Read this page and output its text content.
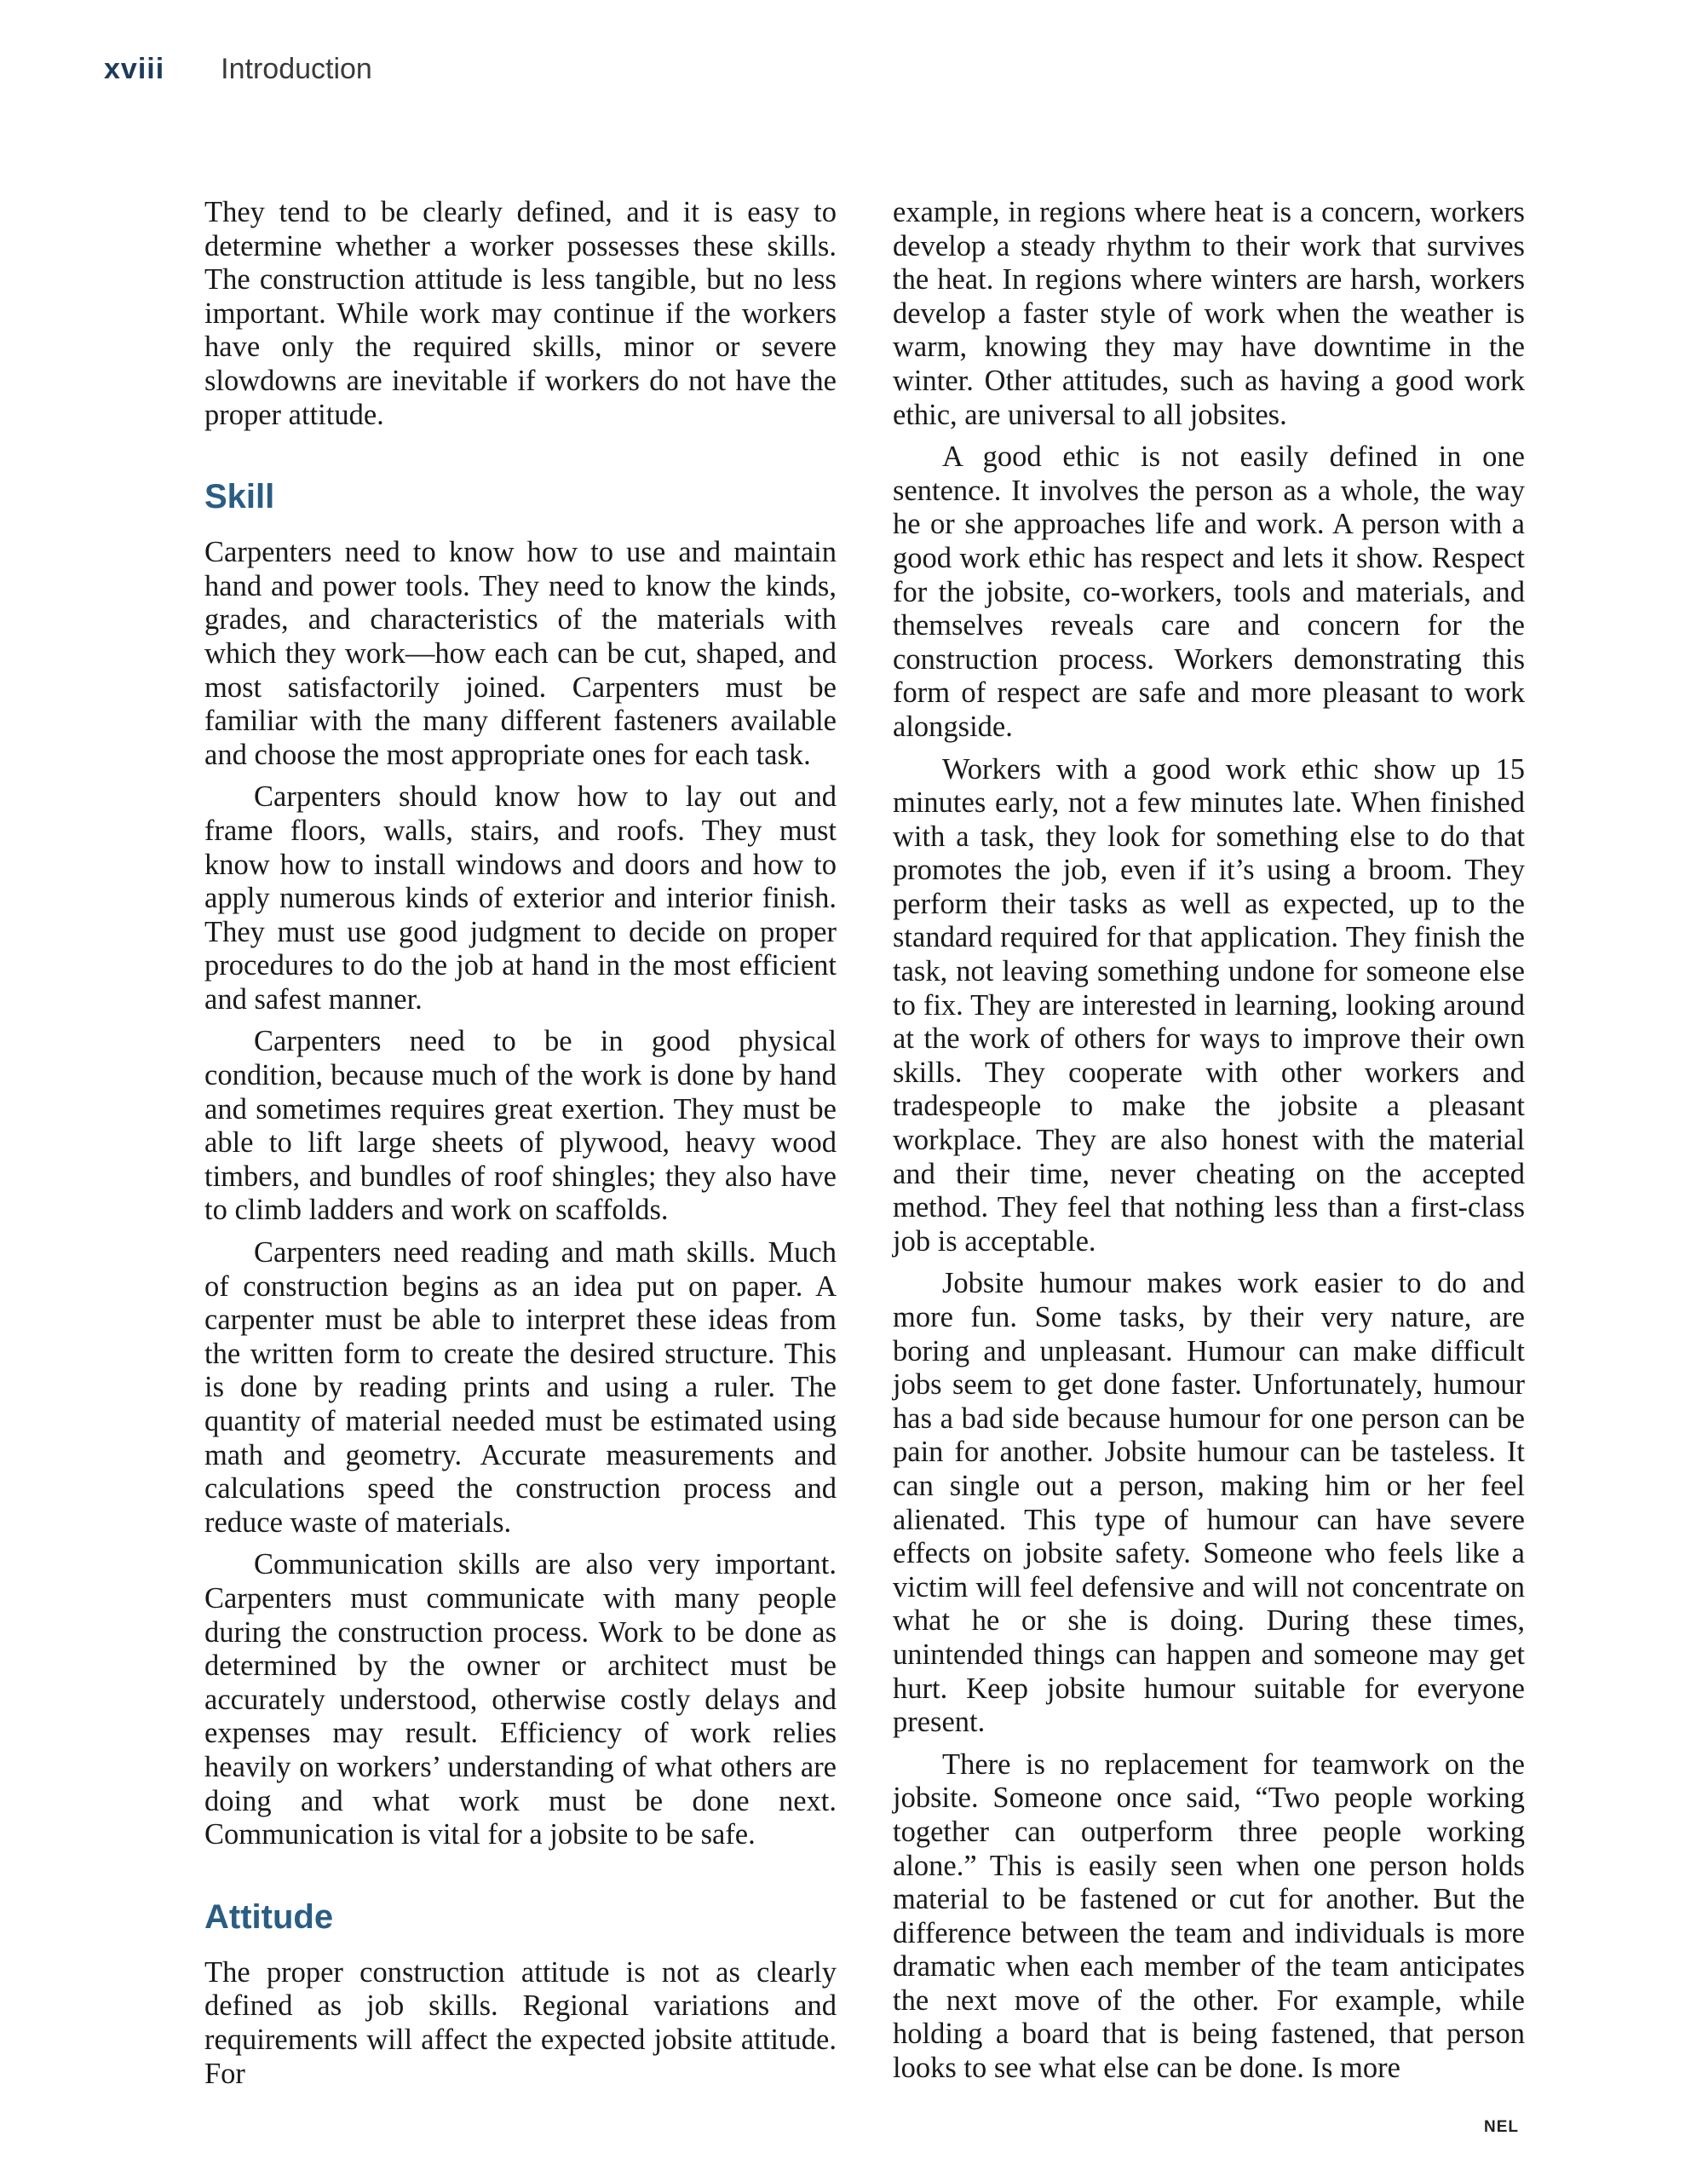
xviii Introduction

They tend to be clearly defined, and it is easy to determine whether a worker possesses these skills. The construction attitude is less tangible, but no less important. While work may continue if the workers have only the required skills, minor or severe slowdowns are inevitable if workers do not have the proper attitude.

Skill

Carpenters need to know how to use and maintain hand and power tools. They need to know the kinds, grades, and characteristics of the materials with which they work—how each can be cut, shaped, and most satisfactorily joined. Carpenters must be familiar with the many different fasteners available and choose the most appropriate ones for each task.

Carpenters should know how to lay out and frame floors, walls, stairs, and roofs. They must know how to install windows and doors and how to apply numerous kinds of exterior and interior finish. They must use good judgment to decide on proper procedures to do the job at hand in the most efficient and safest manner.

Carpenters need to be in good physical condition, because much of the work is done by hand and sometimes requires great exertion. They must be able to lift large sheets of plywood, heavy wood timbers, and bundles of roof shingles; they also have to climb ladders and work on scaffolds.

Carpenters need reading and math skills. Much of construction begins as an idea put on paper. A carpenter must be able to interpret these ideas from the written form to create the desired structure. This is done by reading prints and using a ruler. The quantity of material needed must be estimated using math and geometry. Accurate measurements and calculations speed the construction process and reduce waste of materials.

Communication skills are also very important. Carpenters must communicate with many people during the construction process. Work to be done as determined by the owner or architect must be accurately understood, otherwise costly delays and expenses may result. Efficiency of work relies heavily on workers’ understanding of what others are doing and what work must be done next. Communication is vital for a jobsite to be safe.

Attitude

The proper construction attitude is not as clearly defined as job skills. Regional variations and requirements will affect the expected jobsite attitude. For

example, in regions where heat is a concern, workers develop a steady rhythm to their work that survives the heat. In regions where winters are harsh, workers develop a faster style of work when the weather is warm, knowing they may have downtime in the winter. Other attitudes, such as having a good work ethic, are universal to all jobsites.

A good ethic is not easily defined in one sentence. It involves the person as a whole, the way he or she approaches life and work. A person with a good work ethic has respect and lets it show. Respect for the jobsite, co-workers, tools and materials, and themselves reveals care and concern for the construction process. Workers demonstrating this form of respect are safe and more pleasant to work alongside.

Workers with a good work ethic show up 15 minutes early, not a few minutes late. When finished with a task, they look for something else to do that promotes the job, even if it’s using a broom. They perform their tasks as well as expected, up to the standard required for that application. They finish the task, not leaving something undone for someone else to fix. They are interested in learning, looking around at the work of others for ways to improve their own skills. They cooperate with other workers and tradespeople to make the jobsite a pleasant workplace. They are also honest with the material and their time, never cheating on the accepted method. They feel that nothing less than a first-class job is acceptable.

Jobsite humour makes work easier to do and more fun. Some tasks, by their very nature, are boring and unpleasant. Humour can make difficult jobs seem to get done faster. Unfortunately, humour has a bad side because humour for one person can be pain for another. Jobsite humour can be tasteless. It can single out a person, making him or her feel alienated. This type of humour can have severe effects on jobsite safety. Someone who feels like a victim will feel defensive and will not concentrate on what he or she is doing. During these times, unintended things can happen and someone may get hurt. Keep jobsite humour suitable for everyone present.

There is no replacement for teamwork on the jobsite. Someone once said, “Two people working together can outperform three people working alone.” This is easily seen when one person holds material to be fastened or cut for another. But the difference between the team and individuals is more dramatic when each member of the team anticipates the next move of the other. For example, while holding a board that is being fastened, that person looks to see what else can be done. Is more

NEL
